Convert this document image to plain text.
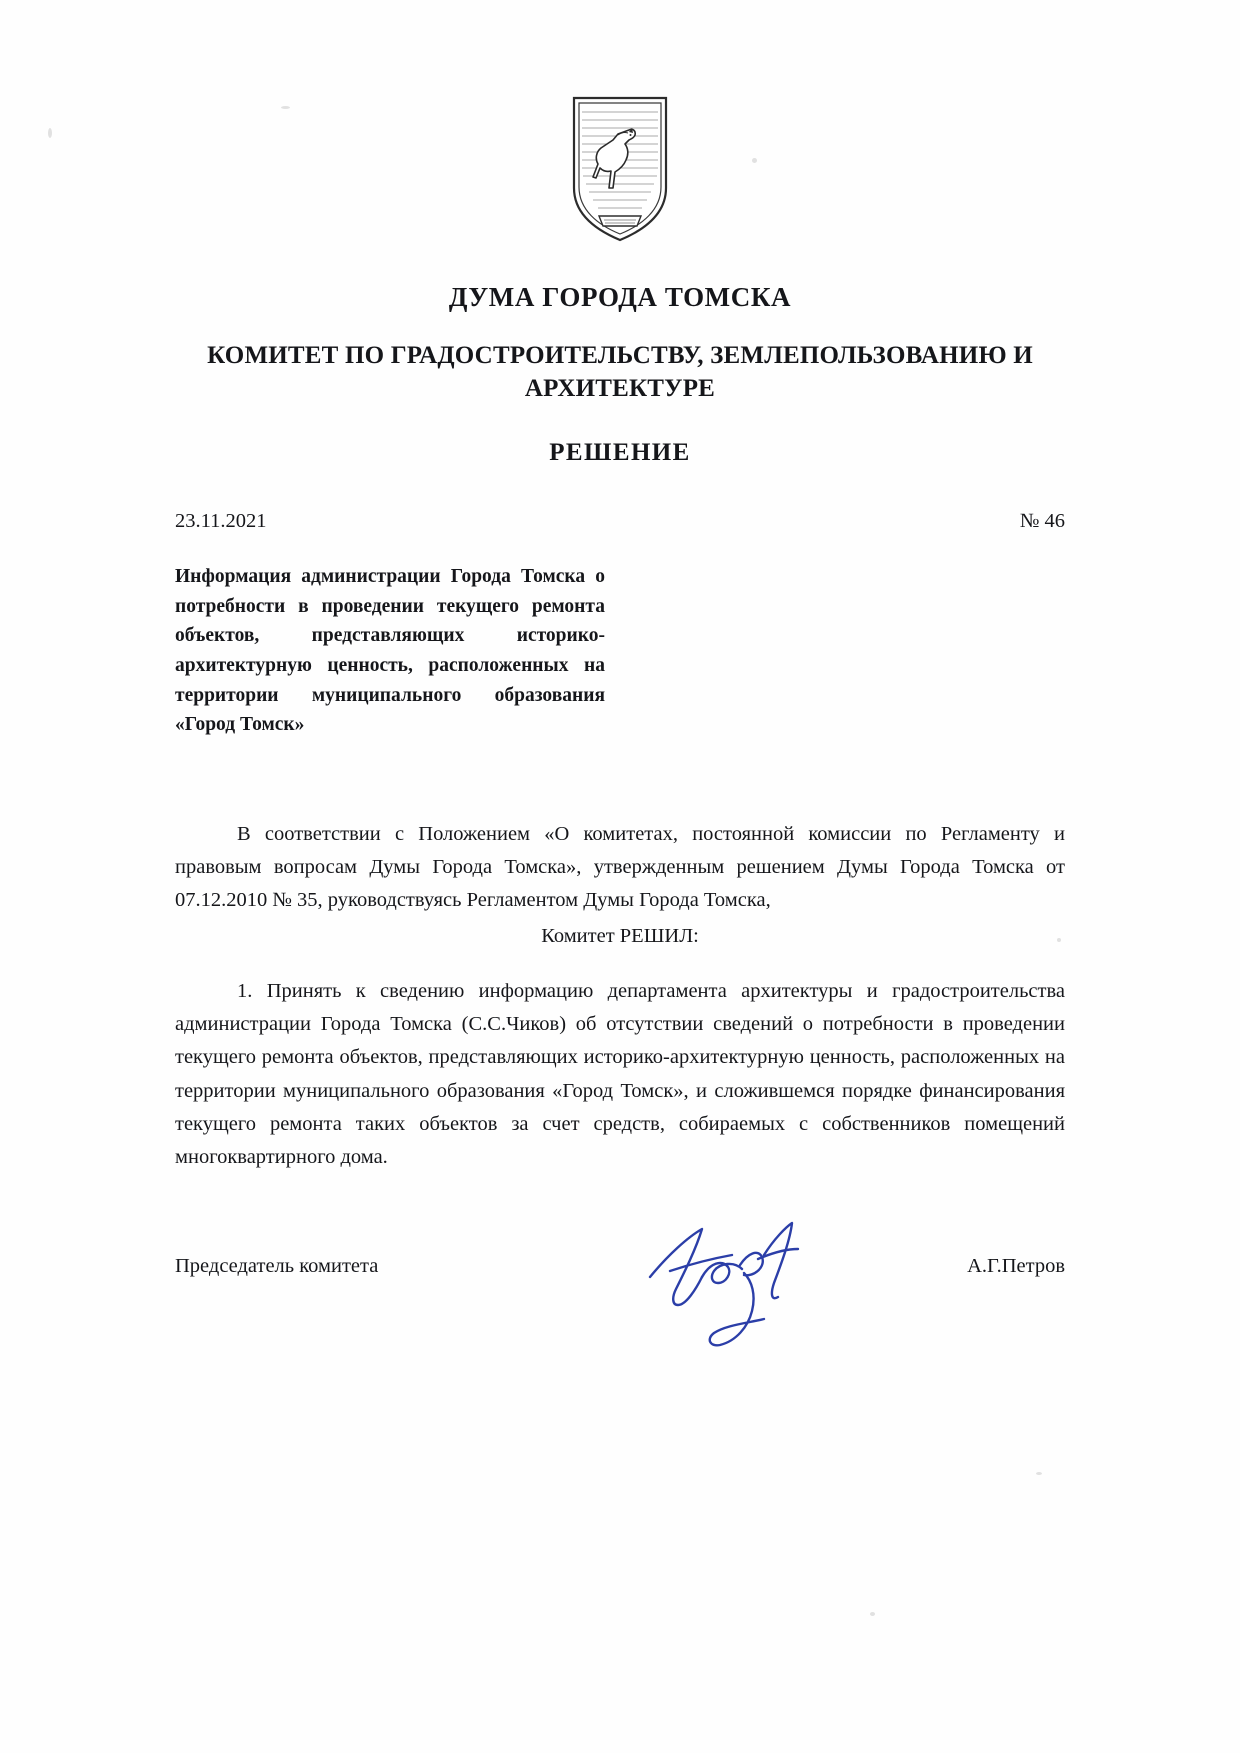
ДУМА ГОРОДА ТОМСКА
КОМИТЕТ ПО ГРАДОСТРОИТЕЛЬСТВУ, ЗЕМЛЕПОЛЬЗОВАНИЮ И АРХИТЕКТУРЕ
РЕШЕНИЕ
23.11.2021	№ 46
Информация администрации Города Томска о потребности в проведении текущего ремонта объектов, представляющих историко-архитектурную ценность, расположенных на территории муниципального образования «Город Томск»

В соответствии с Положением «О комитетах, постоянной комиссии по Регламенту и правовым вопросам Думы Города Томска», утвержденным решением Думы Города Томска от 07.12.2010 № 35, руководствуясь Регламентом Думы Города Томска,

Комитет РЕШИЛ:

1. Принять к сведению информацию департамента архитектуры и градостроительства администрации Города Томска (С.С.Чиков) об отсутствии сведений о потребности в проведении текущего ремонта объектов, представляющих историко-архитектурную ценность, расположенных на территории муниципального образования «Город Томск», и сложившемся порядке финансирования текущего ремонта таких объектов за счет средств, собираемых с собственников помещений многоквартирного дома.

Председатель комитета	А.Г.Петров
